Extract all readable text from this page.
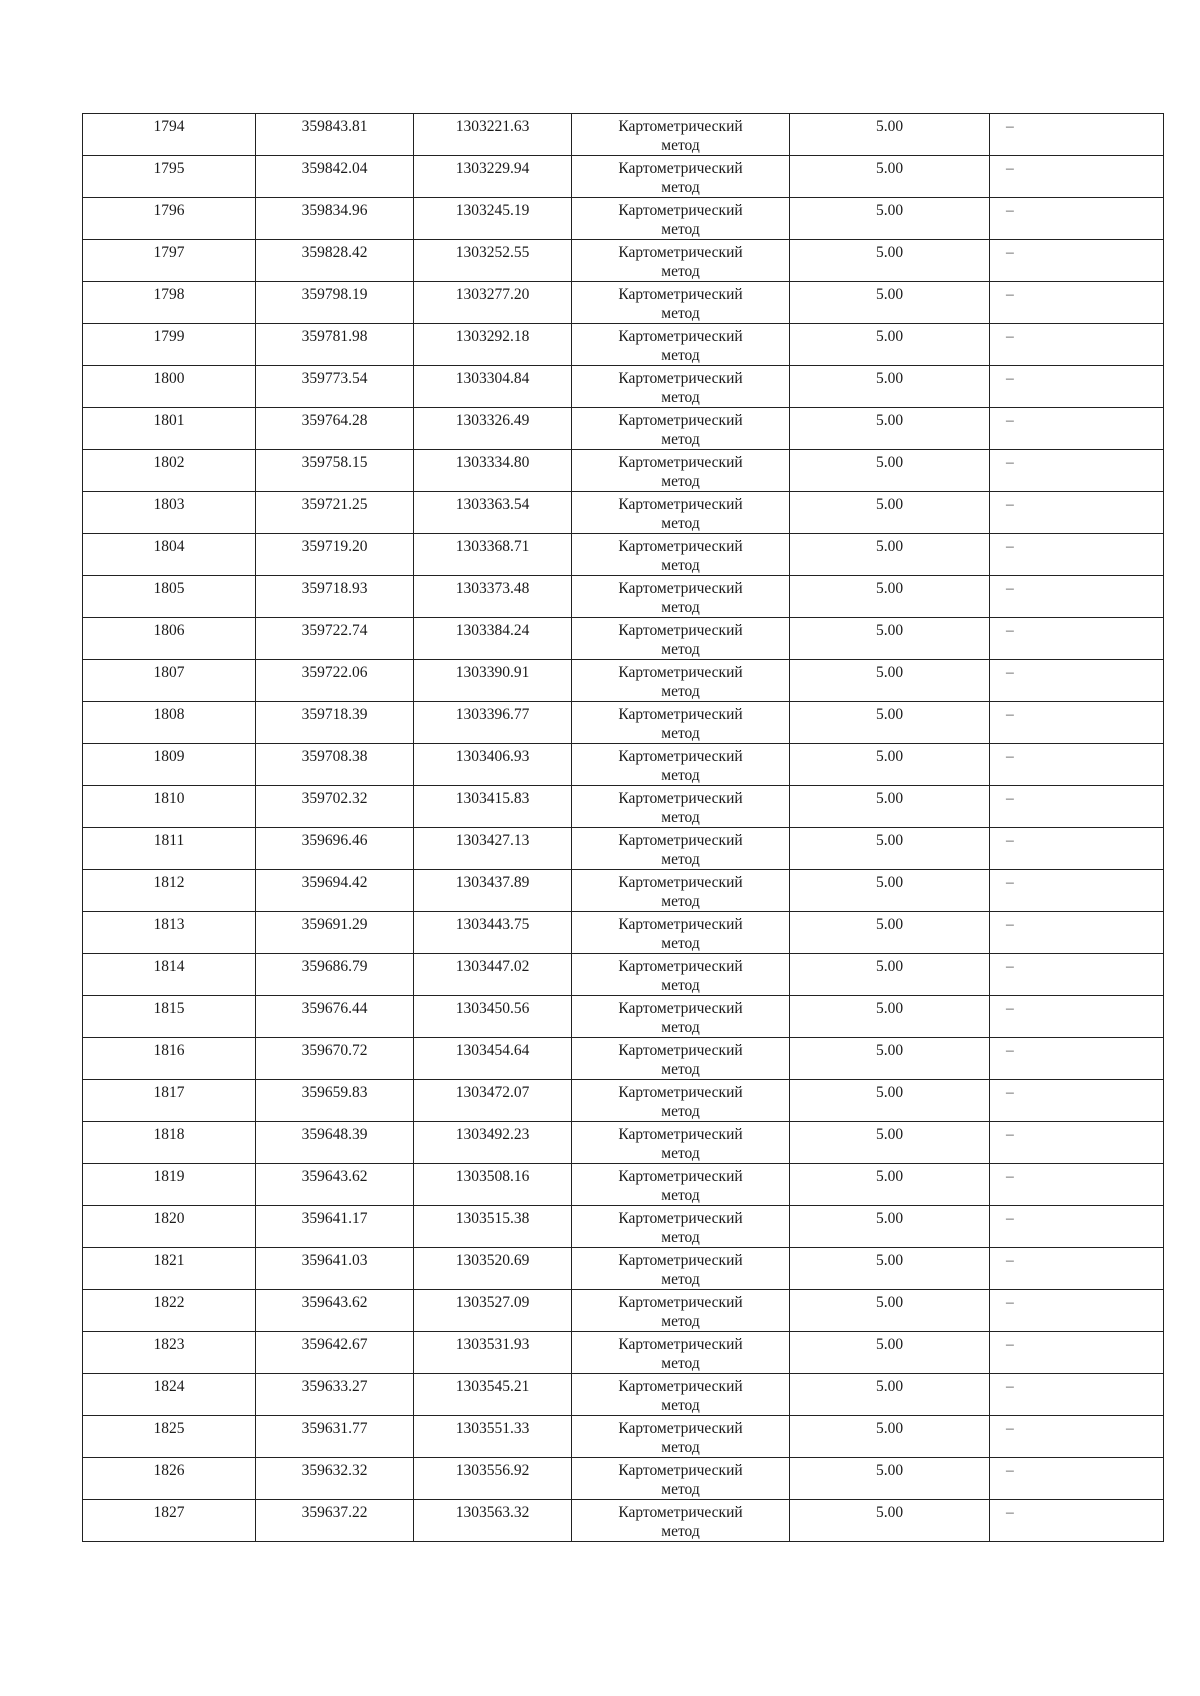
1794	359843.81	1303221.63	Картометрический
метод	5.00	–

1795	359842.04	1303229.94	Картометрический
метод	5.00	–

1796	359834.96	1303245.19	Картометрический
метод	5.00	–

1797	359828.42	1303252.55	Картометрический
метод	5.00	–

1798	359798.19	1303277.20	Картометрический
метод	5.00	–

1799	359781.98	1303292.18	Картометрический
метод	5.00	–

1800	359773.54	1303304.84	Картометрический
метод	5.00	–

1801	359764.28	1303326.49	Картометрический
метод	5.00	–

1802	359758.15	1303334.80	Картометрический
метод	5.00	–

1803	359721.25	1303363.54	Картометрический
метод	5.00	–

1804	359719.20	1303368.71	Картометрический
метод	5.00	–

1805	359718.93	1303373.48	Картометрический
метод	5.00	–

1806	359722.74	1303384.24	Картометрический
метод	5.00	–

1807	359722.06	1303390.91	Картометрический
метод	5.00	–

1808	359718.39	1303396.77	Картометрический
метод	5.00	–

1809	359708.38	1303406.93	Картометрический
метод	5.00	–

1810	359702.32	1303415.83	Картометрический
метод	5.00	–

1811	359696.46	1303427.13	Картометрический
метод	5.00	–

1812	359694.42	1303437.89	Картометрический
метод	5.00	–

1813	359691.29	1303443.75	Картометрический
метод	5.00	–

1814	359686.79	1303447.02	Картометрический
метод	5.00	–

1815	359676.44	1303450.56	Картометрический
метод	5.00	–

1816	359670.72	1303454.64	Картометрический
метод	5.00	–

1817	359659.83	1303472.07	Картометрический
метод	5.00	–

1818	359648.39	1303492.23	Картометрический
метод	5.00	–

1819	359643.62	1303508.16	Картометрический
метод	5.00	–

1820	359641.17	1303515.38	Картометрический
метод	5.00	–

1821	359641.03	1303520.69	Картометрический
метод	5.00	–

1822	359643.62	1303527.09	Картометрический
метод	5.00	–

1823	359642.67	1303531.93	Картометрический
метод	5.00	–

1824	359633.27	1303545.21	Картометрический
метод	5.00	–

1825	359631.77	1303551.33	Картометрический
метод	5.00	–

1826	359632.32	1303556.92	Картометрический
метод	5.00	–

1827	359637.22	1303563.32	Картометрический
метод	5.00	–
